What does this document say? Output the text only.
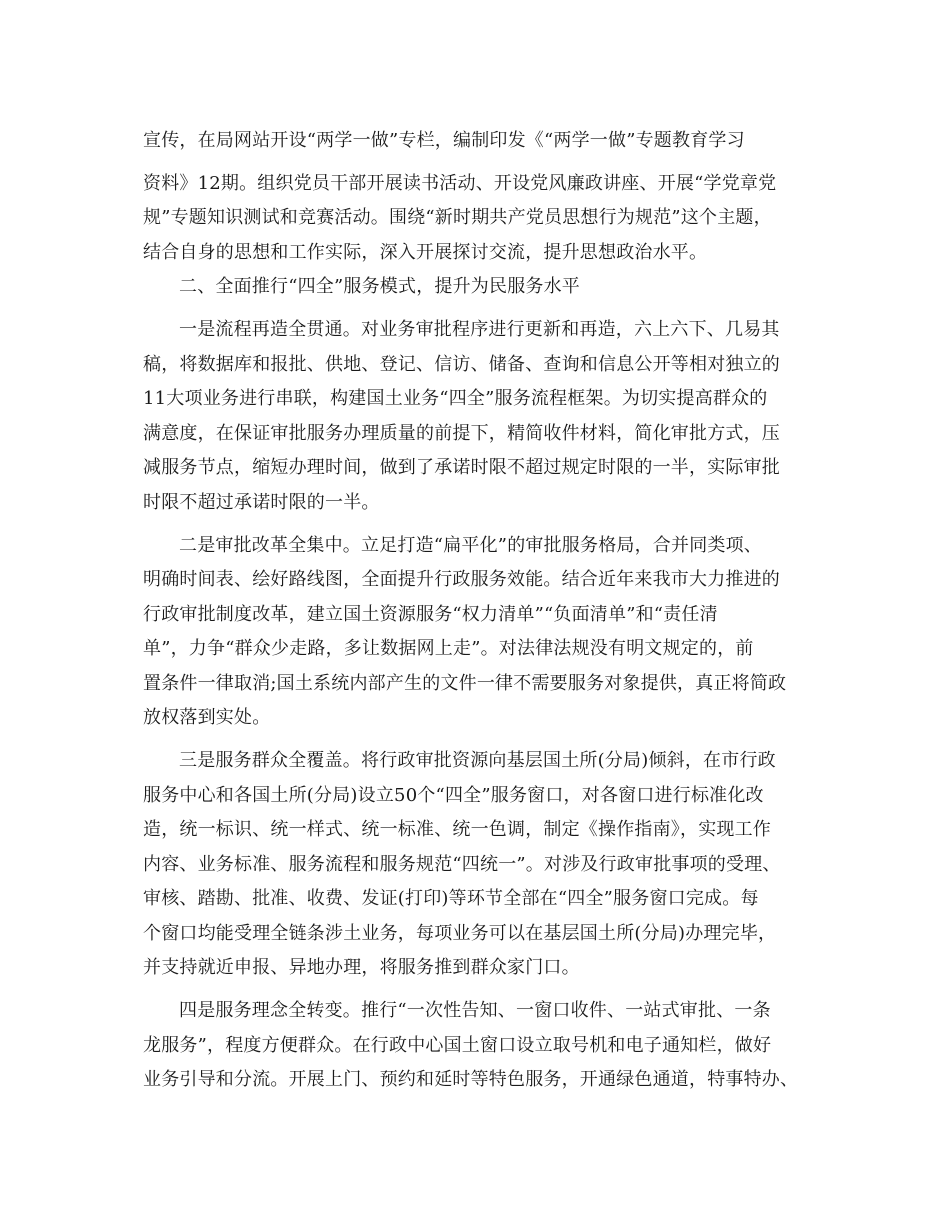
宣传，在局网站开设“两学一做”专栏，编制印发《“两学一做”专题教育学习
资料》12期。组织党员干部开展读书活动、开设党风廉政讲座、开展“学党章党
规”专题知识测试和竞赛活动。围绕“新时期共产党员思想行为规范”这个主题，
结合自身的思想和工作实际，深入开展探讨交流，提升思想政治水平。
二、全面推行“四全”服务模式，提升为民服务水平
一是流程再造全贯通。对业务审批程序进行更新和再造，六上六下、几易其
稿，将数据库和报批、供地、登记、信访、储备、查询和信息公开等相对独立的
11大项业务进行串联，构建国土业务“四全”服务流程框架。为切实提高群众的
满意度，在保证审批服务办理质量的前提下，精简收件材料，简化审批方式，压
减服务节点，缩短办理时间，做到了承诺时限不超过规定时限的一半，实际审批
时限不超过承诺时限的一半。
二是审批改革全集中。立足打造“扁平化”的审批服务格局，合并同类项、
明确时间表、绘好路线图，全面提升行政服务效能。结合近年来我市大力推进的
行政审批制度改革，建立国土资源服务“权力清单”“负面清单”和“责任清
单”，力争“群众少走路，多让数据网上走”。对法律法规没有明文规定的，前
置条件一律取消;国土系统内部产生的文件一律不需要服务对象提供，真正将简政
放权落到实处。
三是服务群众全覆盖。将行政审批资源向基层国土所(分局)倾斜，在市行政
服务中心和各国土所(分局)设立50个“四全”服务窗口，对各窗口进行标准化改
造，统一标识、统一样式、统一标准、统一色调，制定《操作指南》，实现工作
内容、业务标准、服务流程和服务规范“四统一”。对涉及行政审批事项的受理、
审核、踏勘、批准、收费、发证(打印)等环节全部在“四全”服务窗口完成。每
个窗口均能受理全链条涉土业务，每项业务可以在基层国土所(分局)办理完毕，
并支持就近申报、异地办理，将服务推到群众家门口。
四是服务理念全转变。推行“一次性告知、一窗口收件、一站式审批、一条
龙服务”，程度方便群众。在行政中心国土窗口设立取号机和电子通知栏，做好
业务引导和分流。开展上门、预约和延时等特色服务，开通绿色通道，特事特办、
